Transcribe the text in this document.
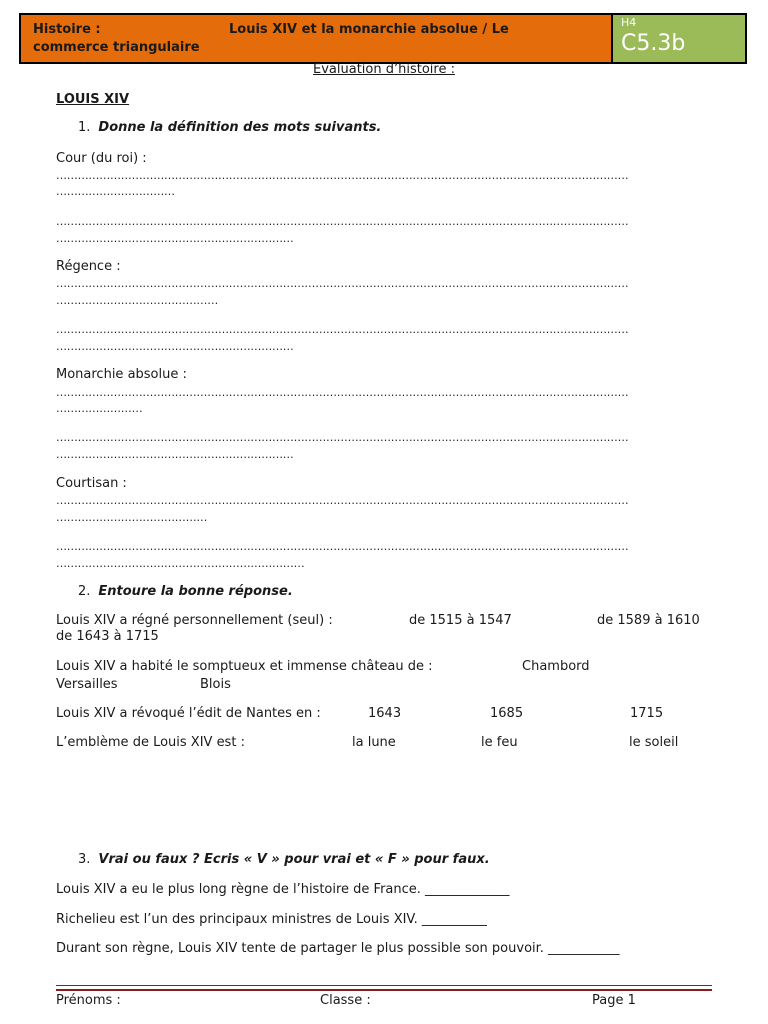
Histoire :	Louis XIV et la monarchie absolue / Le
commerce triangulaire
H4
C5.3b
Evaluation d’histoire :
LOUIS XIV
1. Donne la définition des mots suivants.
Cour (du roi) :
……………………………………………………………………………………………………………………………………………
……………………………
……………………………………………………………………………………………………………………………………………
…………………………………………………………
Régence :
……………………………………………………………………………………………………………………………………………
………………………………………
……………………………………………………………………………………………………………………………………………
…………………………………………………………
Monarchie absolue :
……………………………………………………………………………………………………………………………………………
……………………
……………………………………………………………………………………………………………………………………………
…………………………………………………………
Courtisan :
……………………………………………………………………………………………………………………………………………
……………………………………
……………………………………………………………………………………………………………………………………………
……………………………………………………………
2. Entoure la bonne réponse.
Louis XIV a régné personnellement (seul) :	de 1515 à 1547	de 1589 à 1610
de 1643 à 1715
Louis XIV a habité le somptueux et immense château de :	Chambord
Versailles	Blois
Louis XIV a révoqué l’édit de Nantes en :	1643	1685	1715
L’emblème de Louis XIV est :	la lune	le feu	le soleil
3. Vrai ou faux ? Ecris « V » pour vrai et « F » pour faux.
Louis XIV a eu le plus long règne de l’histoire de France. _____________
Richelieu est l’un des principaux ministres de Louis XIV. __________
Durant son règne, Louis XIV tente de partager le plus possible son pouvoir. ___________
Prénoms :	Classe :	Page 1
